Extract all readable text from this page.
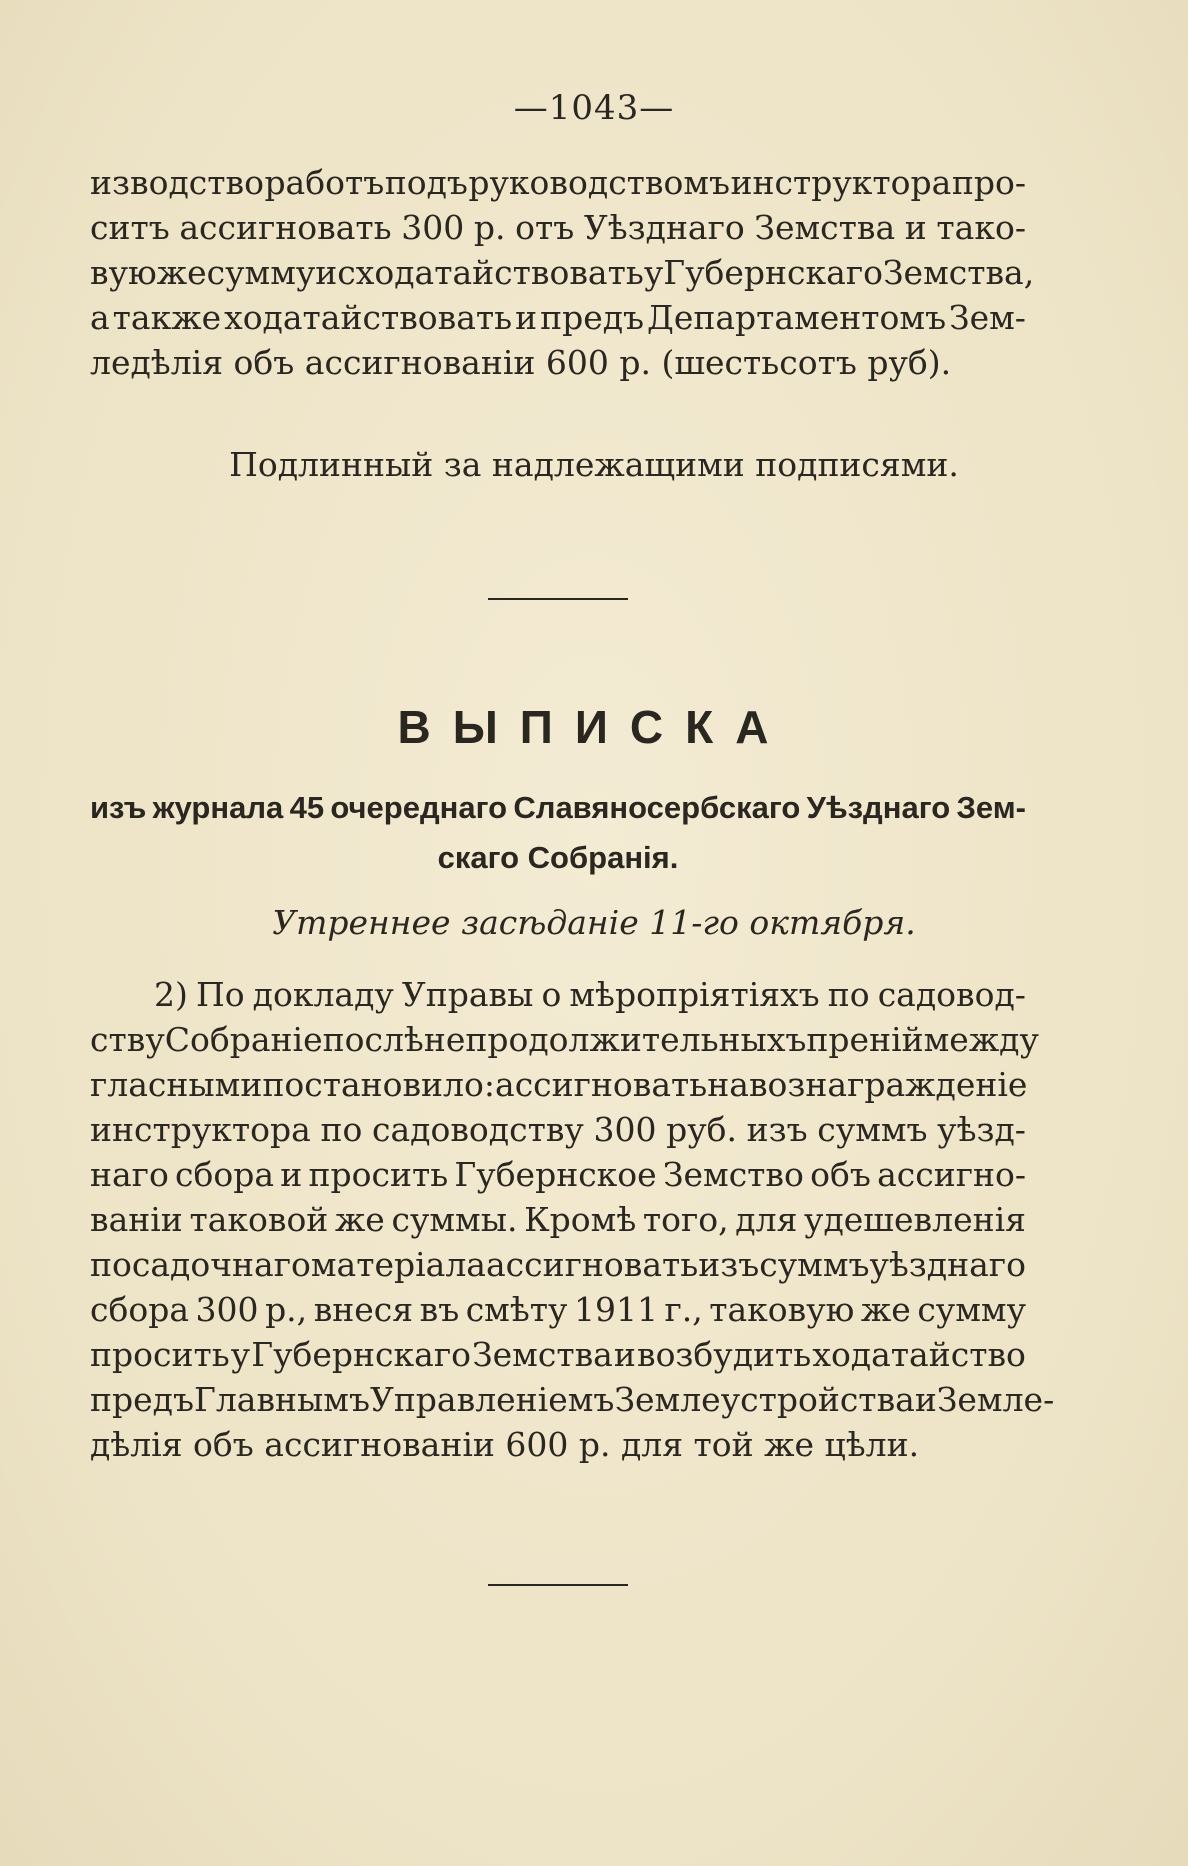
—1043—
изводство работъ подъ руководствомъ инструктора про-
ситъ ассигновать 300 р. отъ Уѣзднаго Земства и тако-
вую же сумму исходатайствовать у Губернскаго Земства,
а также ходатайствовать и предъ Департаментомъ Зем-
ледѣлія объ ассигнованіи 600 р. (шестьсотъ руб).
Подлинный за надлежащими подписями.
ВЫПИСКА
изъ журнала 45 очереднаго Славяносербскаго Уѣзднаго Зем-
скаго Собранія.
Утреннее засѣданіе 11-го октября.
2) По докладу Управы о мѣропріятіяхъ по садовод-
ству Собраніе послѣ непродолжительныхъ преній между
гласными постановило: ассигновать на вознагражденіе
инструктора по садоводству 300 руб. изъ суммъ уѣзд-
наго сбора и просить Губернское Земство объ ассигно-
ваніи таковой же суммы. Кромѣ того, для удешевленія
посадочнаго матеріала ассигновать изъ суммъ уѣзднаго
сбора 300 р., внеся въ смѣту 1911 г., таковую же сумму
просить у Губернскаго Земства и возбудить ходатайство
предъ Главнымъ Управленіемъ Землеустройства и Земле-
дѣлія объ ассигнованіи 600 р. для той же цѣли.
